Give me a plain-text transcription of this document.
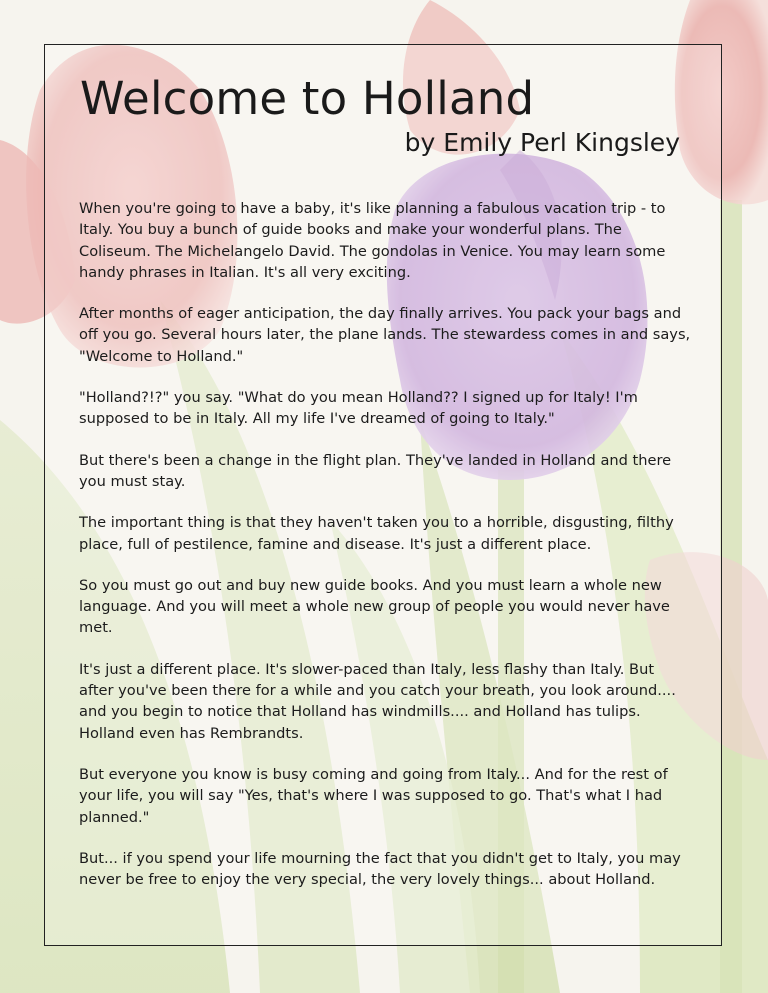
Welcome to Holland
by Emily Perl Kingsley

When you're going to have a baby, it's like planning a fabulous vacation trip - to Italy. You buy a bunch of guide books and make your wonderful plans. The Coliseum. The Michelangelo David. The gondolas in Venice. You may learn some handy phrases in Italian. It's all very exciting.

After months of eager anticipation, the day finally arrives. You pack your bags and off you go. Several hours later, the plane lands. The stewardess comes in and says, "Welcome to Holland."

"Holland?!?" you say. "What do you mean Holland?? I signed up for Italy! I'm supposed to be in Italy. All my life I've dreamed of going to Italy."

But there's been a change in the flight plan. They've landed in Holland and there you must stay.

The important thing is that they haven't taken you to a horrible, disgusting, filthy place, full of pestilence, famine and disease. It's just a different place.

So you must go out and buy new guide books. And you must learn a whole new language. And you will meet a whole new group of people you would never have met.

It's just a different place. It's slower-paced than Italy, less flashy than Italy. But after you've been there for a while and you catch your breath, you look around.... and you begin to notice that Holland has windmills.... and Holland has tulips. Holland even has Rembrandts.

But everyone you know is busy coming and going from Italy... And for the rest of your life, you will say "Yes, that's where I was supposed to go. That's what I had planned."

But... if you spend your life mourning the fact that you didn't get to Italy, you may never be free to enjoy the very special, the very lovely things... about Holland.
